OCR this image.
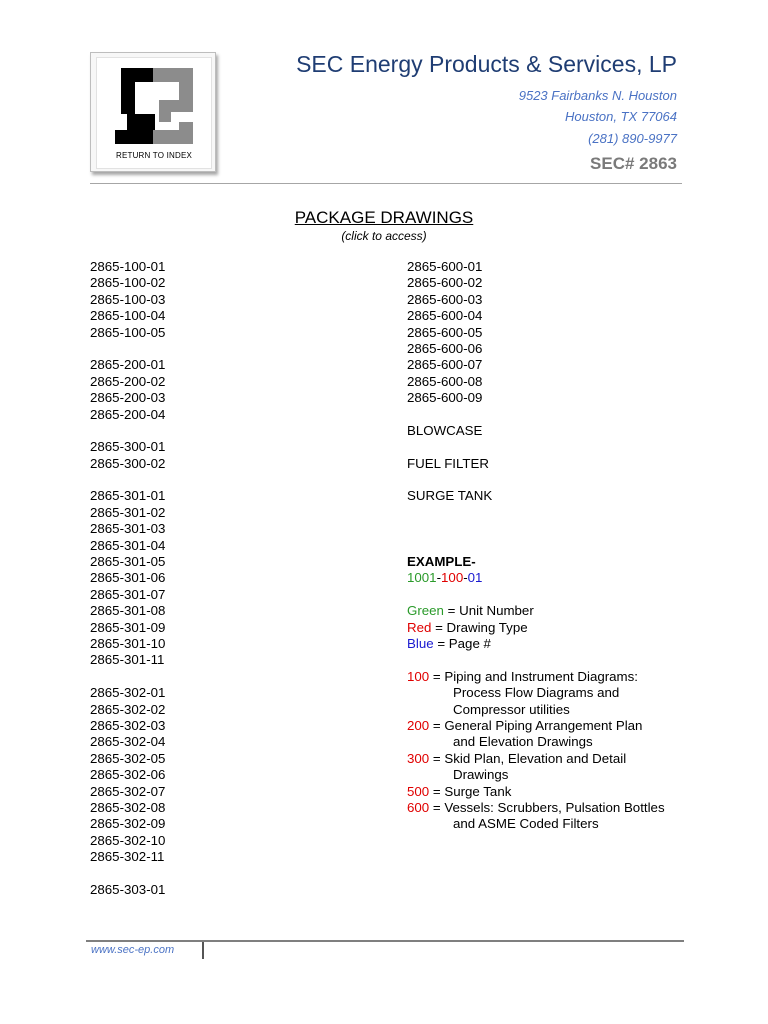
RETURN TO INDEX
SEC Energy Products & Services, LP
9523 Fairbanks N. Houston
Houston, TX 77064
(281) 890-9977
SEC# 2863
PACKAGE DRAWINGS
(click to access)
2865-100-01
2865-100-02
2865-100-03
2865-100-04
2865-100-05
2865-200-01
2865-200-02
2865-200-03
2865-200-04
2865-300-01
2865-300-02
2865-301-01
2865-301-02
2865-301-03
2865-301-04
2865-301-05
2865-301-06
2865-301-07
2865-301-08
2865-301-09
2865-301-10
2865-301-11
2865-302-01
2865-302-02
2865-302-03
2865-302-04
2865-302-05
2865-302-06
2865-302-07
2865-302-08
2865-302-09
2865-302-10
2865-302-11
2865-303-01
2865-600-01
2865-600-02
2865-600-03
2865-600-04
2865-600-05
2865-600-06
2865-600-07
2865-600-08
2865-600-09
BLOWCASE
FUEL FILTER
SURGE TANK
EXAMPLE-
1001-100-01
Green = Unit Number
Red = Drawing Type
Blue = Page #
100 = Piping and Instrument Diagrams:
Process Flow Diagrams and
Compressor utilities
200 = General Piping Arrangement Plan
and Elevation Drawings
300 = Skid Plan, Elevation and Detail
Drawings
500 = Surge Tank
600 = Vessels: Scrubbers, Pulsation Bottles
and ASME Coded Filters
www.sec-ep.com
